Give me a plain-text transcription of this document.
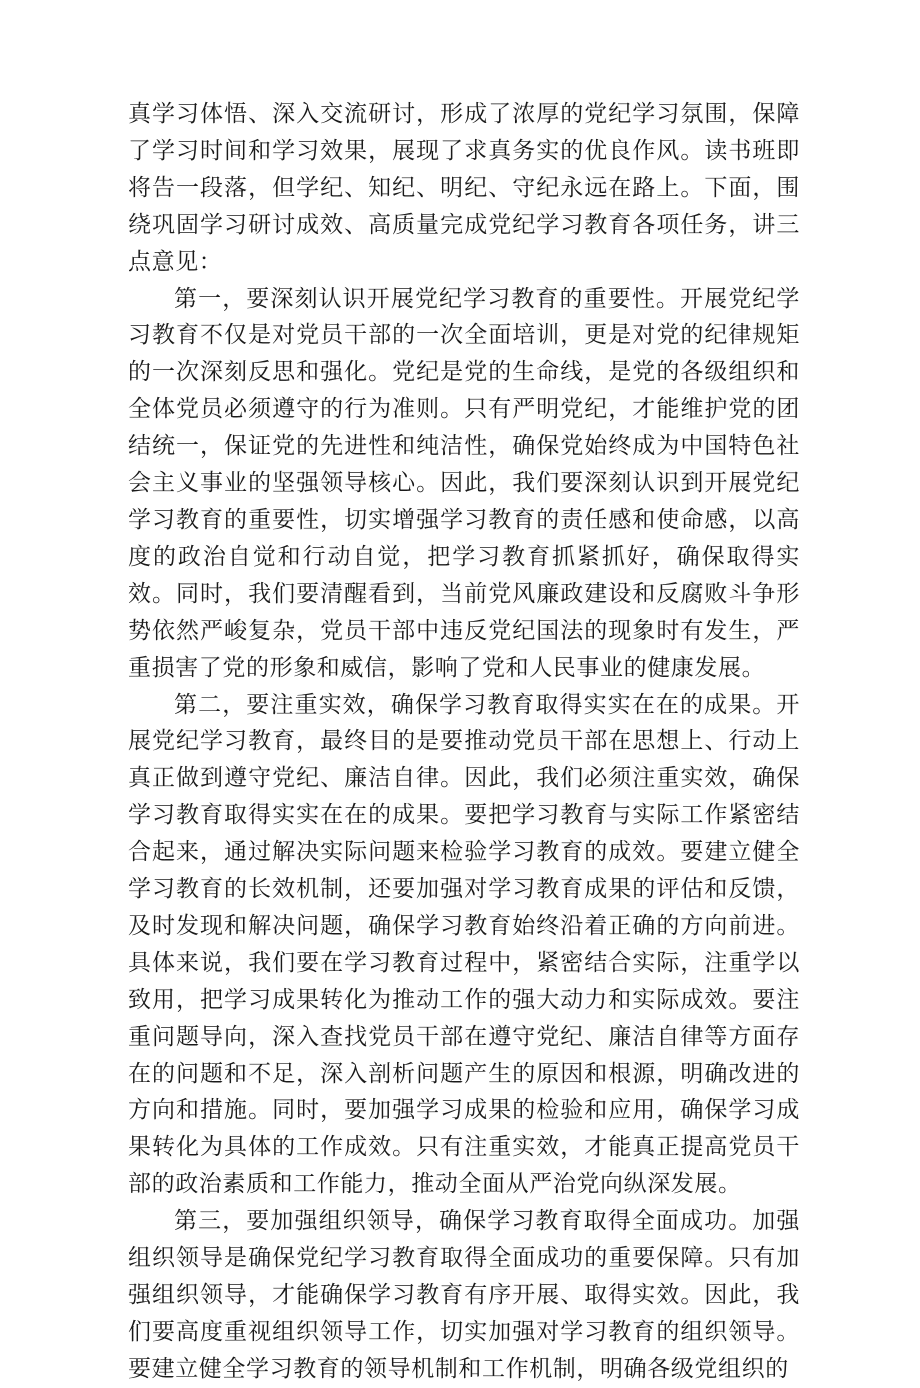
真学习体悟、深入交流研讨，形成了浓厚的党纪学习氛围，保障了学习时间和学习效果，展现了求真务实的优良作风。读书班即将告一段落，但学纪、知纪、明纪、守纪永远在路上。下面，围绕巩固学习研讨成效、高质量完成党纪学习教育各项任务，讲三点意见：

第一，要深刻认识开展党纪学习教育的重要性。开展党纪学习教育不仅是对党员干部的一次全面培训，更是对党的纪律规矩的一次深刻反思和强化。党纪是党的生命线，是党的各级组织和全体党员必须遵守的行为准则。只有严明党纪，才能维护党的团结统一，保证党的先进性和纯洁性，确保党始终成为中国特色社会主义事业的坚强领导核心。因此，我们要深刻认识到开展党纪学习教育的重要性，切实增强学习教育的责任感和使命感，以高度的政治自觉和行动自觉，把学习教育抓紧抓好，确保取得实效。同时，我们要清醒看到，当前党风廉政建设和反腐败斗争形势依然严峻复杂，党员干部中违反党纪国法的现象时有发生，严重损害了党的形象和威信，影响了党和人民事业的健康发展。

第二，要注重实效，确保学习教育取得实实在在的成果。开展党纪学习教育，最终目的是要推动党员干部在思想上、行动上真正做到遵守党纪、廉洁自律。因此，我们必须注重实效，确保学习教育取得实实在在的成果。要把学习教育与实际工作紧密结合起来，通过解决实际问题来检验学习教育的成效。要建立健全学习教育的长效机制，还要加强对学习教育成果的评估和反馈，及时发现和解决问题，确保学习教育始终沿着正确的方向前进。具体来说，我们要在学习教育过程中，紧密结合实际，注重学以致用，把学习成果转化为推动工作的强大动力和实际成效。要注重问题导向，深入查找党员干部在遵守党纪、廉洁自律等方面存在的问题和不足，深入剖析问题产生的原因和根源，明确改进的方向和措施。同时，要加强学习成果的检验和应用，确保学习成果转化为具体的工作成效。只有注重实效，才能真正提高党员干部的政治素质和工作能力，推动全面从严治党向纵深发展。

第三，要加强组织领导，确保学习教育取得全面成功。加强组织领导是确保党纪学习教育取得全面成功的重要保障。只有加强组织领导，才能确保学习教育有序开展、取得实效。因此，我们要高度重视组织领导工作，切实加强对学习教育的组织领导。要建立健全学习教育的领导机制和工作机制，明确各级党组织的
